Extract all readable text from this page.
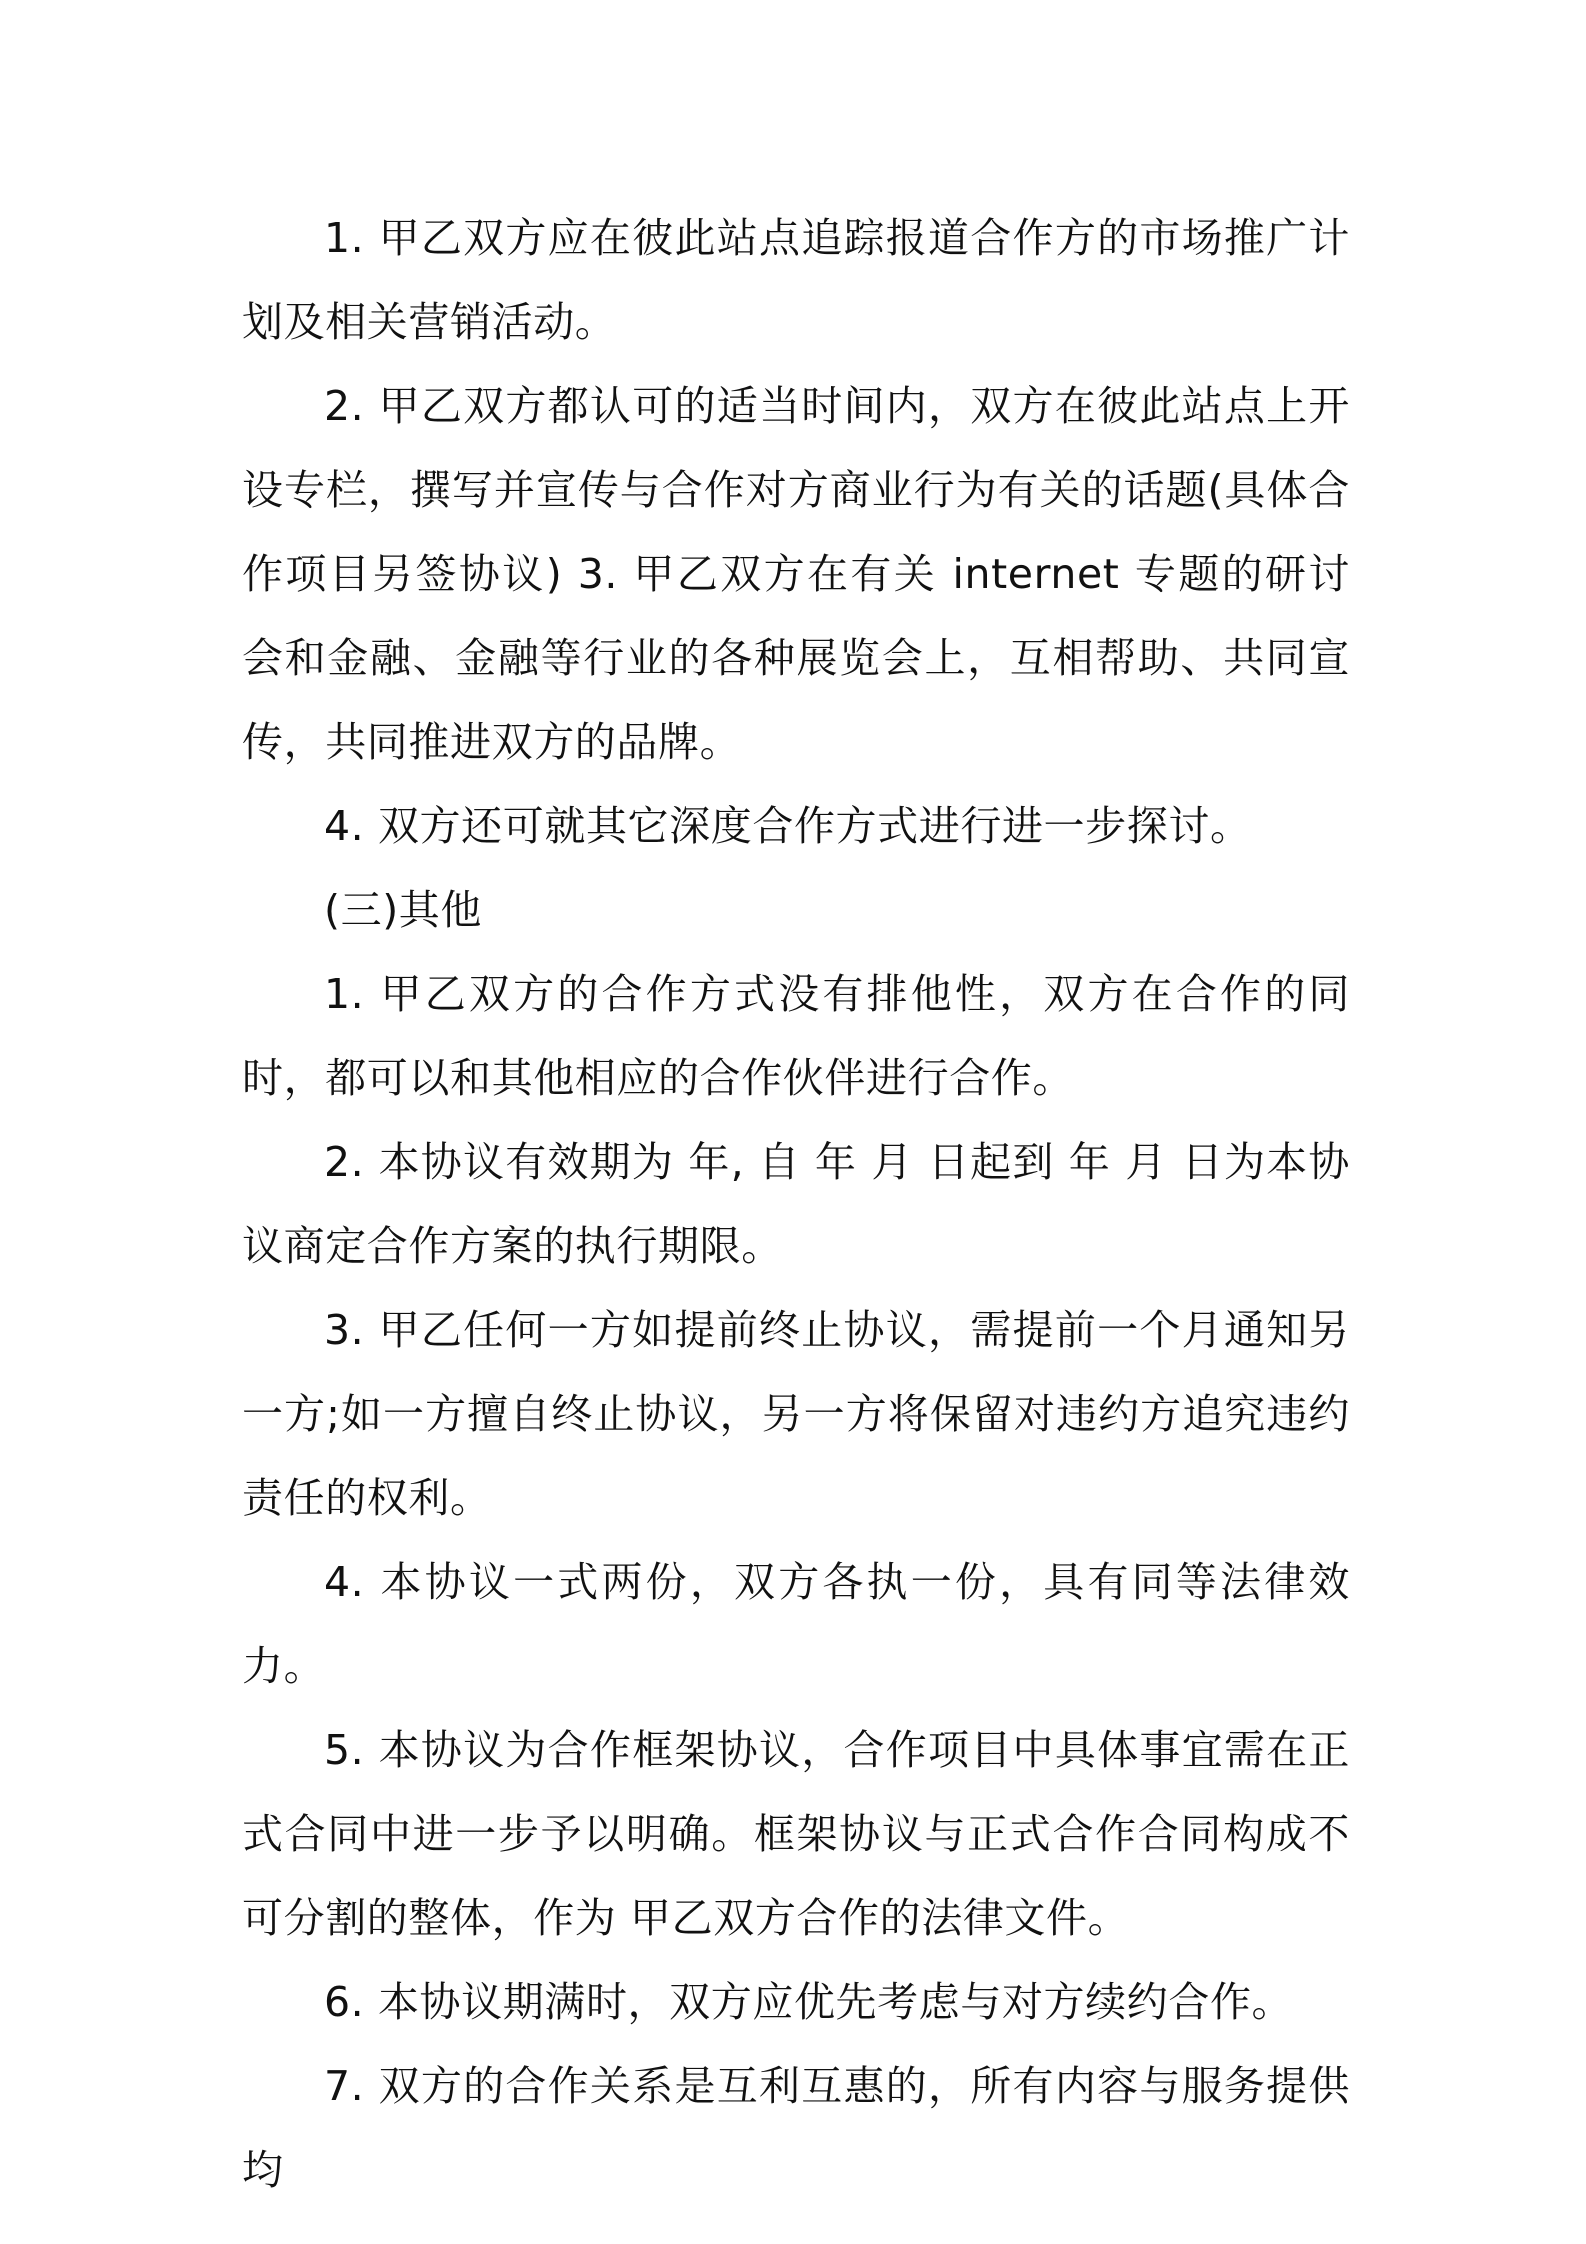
1. 甲乙双方应在彼此站点追踪报道合作方的市场推广计划及相关营销活动。

2. 甲乙双方都认可的适当时间内，双方在彼此站点上开设专栏，撰写并宣传与合作对方商业行为有关的话题(具体合作项目另签协议) 3. 甲乙双方在有关 internet 专题的研讨会和金融、金融等行业的各种展览会上，互相帮助、共同宣传，共同推进双方的品牌。

4. 双方还可就其它深度合作方式进行进一步探讨。

(三)其他

1. 甲乙双方的合作方式没有排他性，双方在合作的同时，都可以和其他相应的合作伙伴进行合作。

2. 本协议有效期为 年, 自 年 月 日起到 年 月 日为本协议商定合作方案的执行期限。

3. 甲乙任何一方如提前终止协议，需提前一个月通知另一方;如一方擅自终止协议，另一方将保留对违约方追究违约责任的权利。

4. 本协议一式两份，双方各执一份，具有同等法律效力。

5. 本协议为合作框架协议，合作项目中具体事宜需在正式合同中进一步予以明确。框架协议与正式合作合同构成不可分割的整体，作为 甲乙双方合作的法律文件。

6. 本协议期满时，双方应优先考虑与对方续约合作。

7. 双方的合作关系是互利互惠的，所有内容与服务提供均
